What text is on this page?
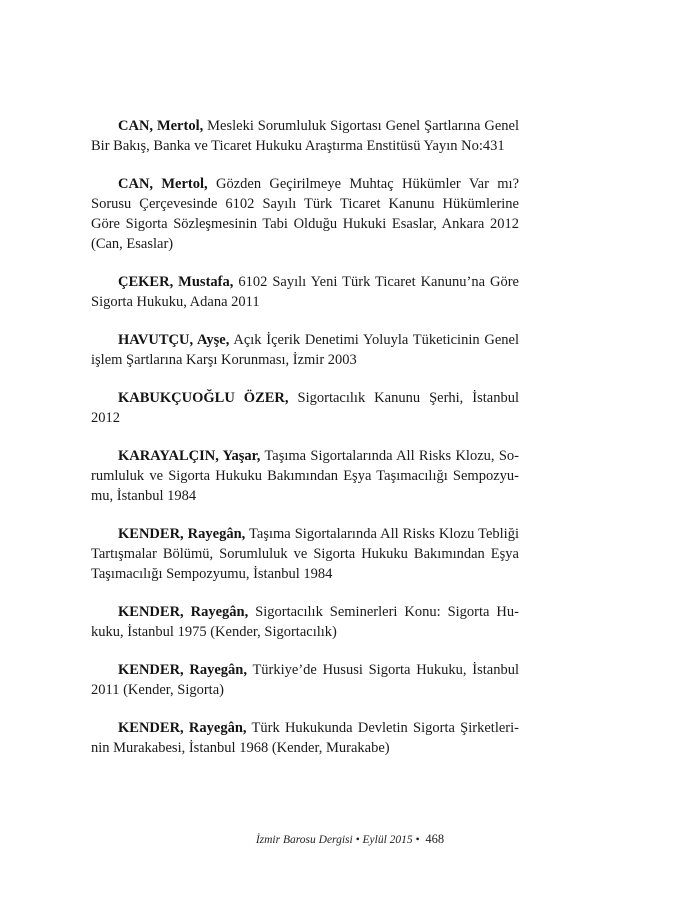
CAN, Mertol, Mesleki Sorumluluk Sigortası Genel Şartlarına Genel Bir Bakış, Banka ve Ticaret Hukuku Araştırma Enstitüsü Yayın No:431

CAN, Mertol, Gözden Geçirilmeye Muhtaç Hükümler Var mı? Sorusu Çerçevesinde 6102 Sayılı Türk Ticaret Kanunu Hükümlerine Göre Sigorta Sözleşmesinin Tabi Olduğu Hukuki Esaslar, Ankara 2012 (Can, Esaslar)

ÇEKER, Mustafa, 6102 Sayılı Yeni Türk Ticaret Kanunu’na Göre Sigorta Hukuku, Adana 2011

HAVUTÇU, Ayşe, Açık İçerik Denetimi Yoluyla Tüketicinin Genel işlem Şartlarına Karşı Korunması, İzmir 2003

KABUKÇUOĞLU ÖZER, Sigortacılık Kanunu Şerhi, İstanbul 2012

KARAYALÇIN, Yaşar, Taşıma Sigortalarında All Risks Klozu, Sorumluluk ve Sigorta Hukuku Bakımından Eşya Taşımacılığı Sempozyumu, İstanbul 1984

KENDER, Rayegân, Taşıma Sigortalarında All Risks Klozu Tebliği Tartışmalar Bölümü, Sorumluluk ve Sigorta Hukuku Bakımından Eşya Taşımacılığı Sempozyumu, İstanbul 1984

KENDER, Rayegân, Sigortacılık Seminerleri Konu: Sigorta Hukuku, İstanbul 1975 (Kender, Sigortacılık)

KENDER, Rayegân, Türkiye’de Hususi Sigorta Hukuku, İstanbul 2011 (Kender, Sigorta)

KENDER, Rayegân, Türk Hukukunda Devletin Sigorta Şirketlerinin Murakabesi, İstanbul 1968 (Kender, Murakabe)

İzmir Barosu Dergisi • Eylül 2015 • 468
